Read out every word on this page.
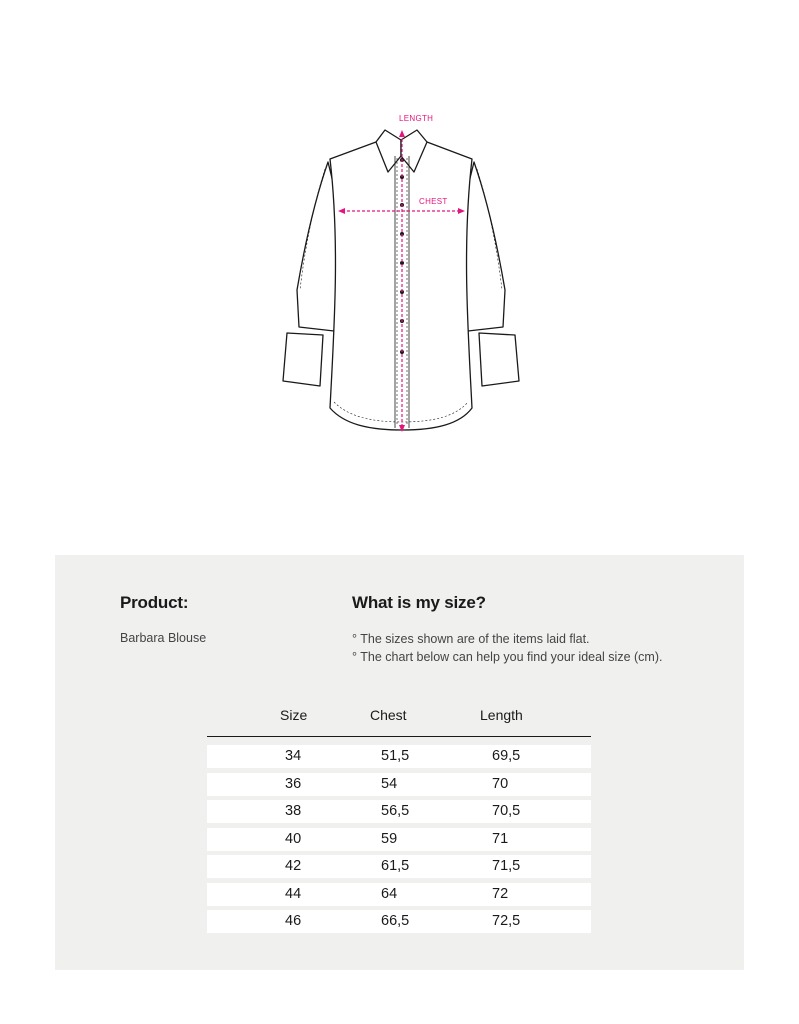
LENGTH
CHEST
Product:
Barbara Blouse
What is my size?
° The sizes shown are of the items laid flat.
° The chart below can help you find your ideal size (cm).
Size	Chest	Length
34	51,5	69,5
36	54	70
38	56,5	70,5
40	59	71
42	61,5	71,5
44	64	72
46	66,5	72,5
